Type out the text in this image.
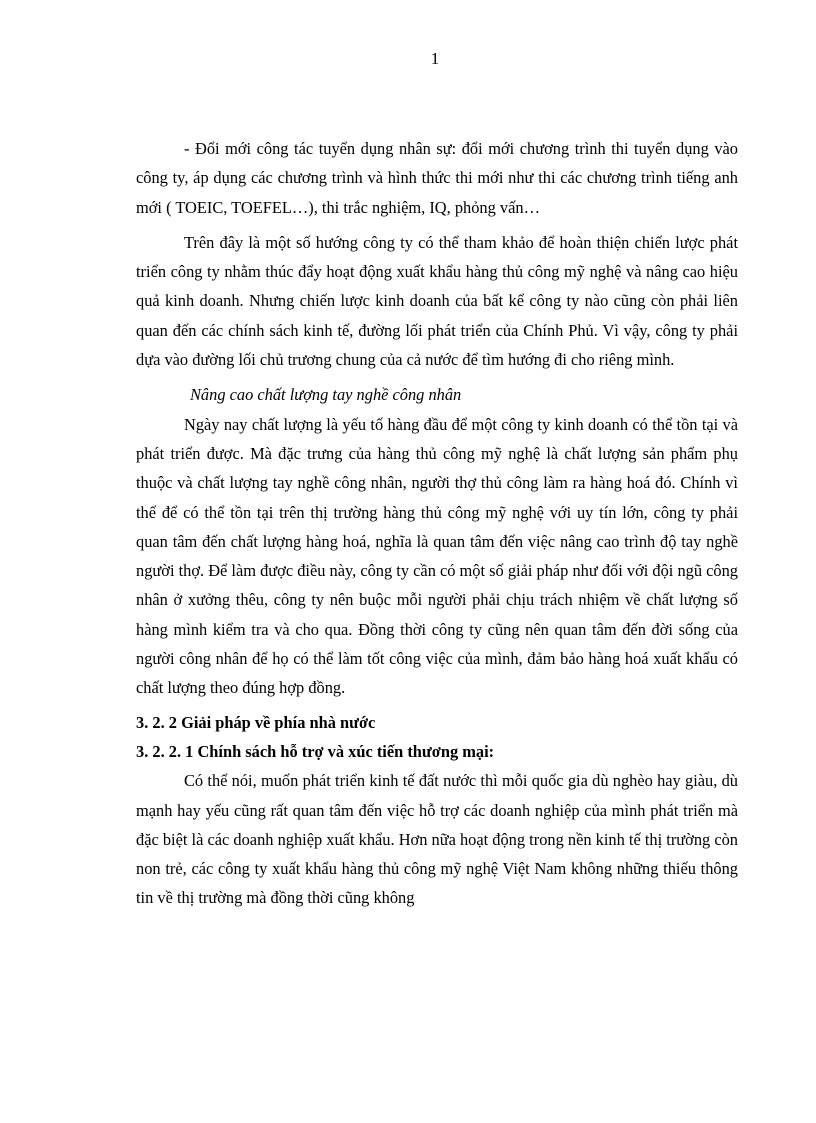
1

- Đổi mới công tác tuyển dụng nhân sự: đổi mới chương trình thi tuyển dụng vào công ty, áp dụng các chương trình và hình thức thi mới như thi các chương trình tiếng anh mới ( TOEIC, TOEFEL…), thi trắc nghiệm, IQ, phỏng vấn…

Trên đây là một số hướng công ty có thể tham khảo để hoàn thiện chiến lược phát triển công ty nhằm thúc đẩy hoạt động xuất khẩu hàng thủ công mỹ nghệ và nâng cao hiệu quả kinh doanh. Nhưng chiến lược kinh doanh của bất kể công ty nào cũng còn phải liên quan đến các chính sách kinh tế, đường lối phát triển của Chính Phủ. Vì vậy, công ty phải dựa vào đường lối chủ trương chung của cả nước để tìm hướng đi cho riêng mình.

Nâng cao chất lượng tay nghề công nhân

Ngày nay chất lượng là yếu tố hàng đầu để một công ty kinh doanh có thể tồn tại và phát triển được. Mà đặc trưng của hàng thủ công mỹ nghệ là chất lượng sản phẩm phụ thuộc và chất lượng tay nghề công nhân, người thợ thủ công làm ra hàng hoá đó. Chính vì thế để có thể tồn tại trên thị trường hàng thủ công mỹ nghệ với uy tín lớn, công ty phải quan tâm đến chất lượng hàng hoá, nghĩa là quan tâm đến việc nâng cao trình độ tay nghề người thợ. Để làm được điều này, công ty cần có một số giải pháp như đối với đội ngũ công nhân ở xưởng thêu, công ty nên buộc mỗi người phải chịu trách nhiệm về chất lượng số hàng mình kiểm tra và cho qua. Đồng thời công ty cũng nên quan tâm đến đời sống của người công nhân để họ có thể làm tốt công việc của mình, đảm bảo hàng hoá xuất khẩu có chất lượng theo đúng hợp đồng.

3. 2. 2 Giải pháp về phía nhà nước

3. 2. 2. 1 Chính sách hỗ trợ và xúc tiến thương mại:

Có thể nói, muốn phát triển kinh tế đất nước thì mỗi quốc gia dù nghèo hay giàu, dù mạnh hay yếu cũng rất quan tâm đến việc hỗ trợ các doanh nghiệp của mình phát triển mà đặc biệt là các doanh nghiệp xuất khẩu. Hơn nữa hoạt động trong nền kinh tế thị trường còn non trẻ, các công ty xuất khẩu hàng thủ công mỹ nghệ Việt Nam không những thiếu thông tin về thị trường mà đồng thời cũng không
